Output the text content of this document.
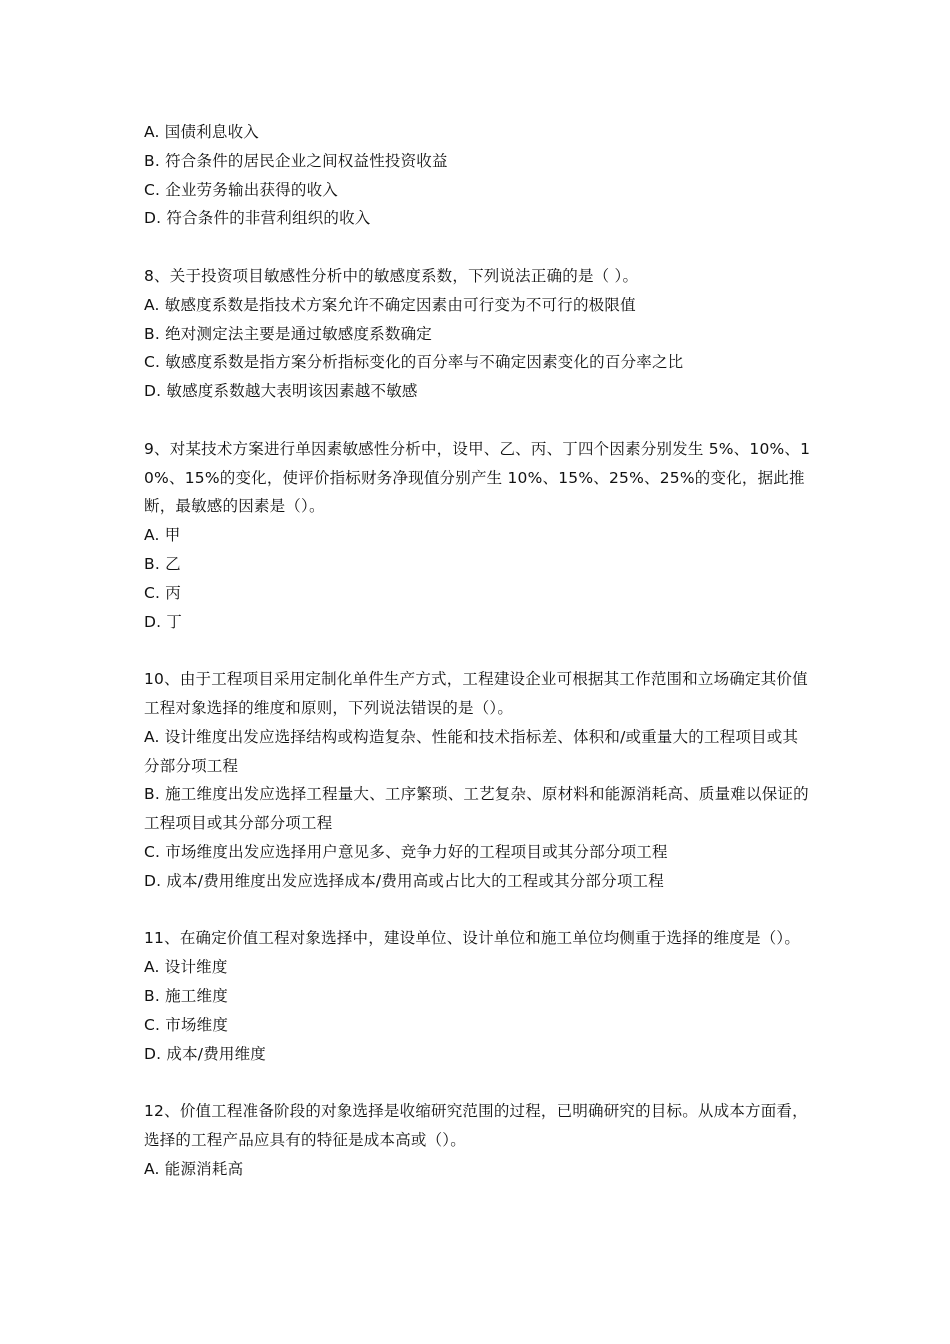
A. 国债利息收入

B. 符合条件的居民企业之间权益性投资收益

C. 企业劳务输出获得的收入

D. 符合条件的非营利组织的收入

8、关于投资项目敏感性分析中的敏感度系数，下列说法正确的是（ ）。

A. 敏感度系数是指技术方案允许不确定因素由可行变为不可行的极限值

B. 绝对测定法主要是通过敏感度系数确定

C. 敏感度系数是指方案分析指标变化的百分率与不确定因素变化的百分率之比

D. 敏感度系数越大表明该因素越不敏感

9、对某技术方案进行单因素敏感性分析中，设甲、乙、丙、丁四个因素分别发生 5%、10%、10%、15%的变化，使评价指标财务净现值分别产生 10%、15%、25%、25%的变化，据此推断，最敏感的因素是（）。

A. 甲

B. 乙

C. 丙

D. 丁

10、由于工程项目采用定制化单件生产方式，工程建设企业可根据其工作范围和立场确定其价值工程对象选择的维度和原则，下列说法错误的是（）。

A. 设计维度出发应选择结构或构造复杂、性能和技术指标差、体积和/或重量大的工程项目或其分部分项工程

B. 施工维度出发应选择工程量大、工序繁琐、工艺复杂、原材料和能源消耗高、质量难以保证的工程项目或其分部分项工程

C. 市场维度出发应选择用户意见多、竞争力好的工程项目或其分部分项工程

D. 成本/费用维度出发应选择成本/费用高或占比大的工程或其分部分项工程

11、在确定价值工程对象选择中，建设单位、设计单位和施工单位均侧重于选择的维度是（）。

A. 设计维度

B. 施工维度

C. 市场维度

D. 成本/费用维度

12、价值工程准备阶段的对象选择是收缩研究范围的过程，已明确研究的目标。从成本方面看，选择的工程产品应具有的特征是成本高或（）。

A. 能源消耗高
